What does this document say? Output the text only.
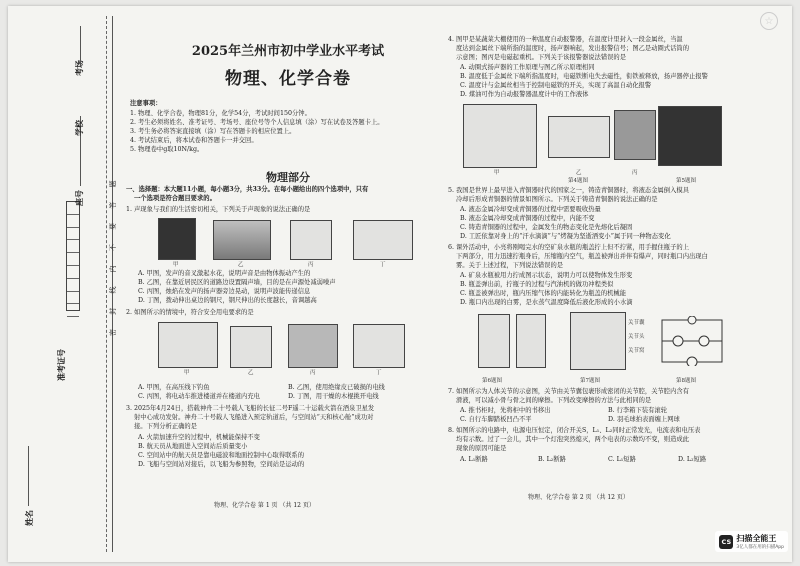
密 封 线 内 不 要 答 题
姓名
准考证号
座号
学校
考场
2025年兰州市初中学业水平考试
物理、化学合卷
注意事项：
1. 物理、化学合卷，物理81分，化学54分，考试时间150分钟。
2. 考生必须将姓名、准考证号、考场号、座位号等个人信息填（涂）写在试卷及答题卡上。
3. 考生务必将答案直接填（涂）写在答题卡的相应位置上。
4. 考试结束后，将本试卷和答题卡一并交回。
5. 物理卷中g取10N/kg。
物理部分
一、选择题：本大题11小题，每小题3分，共33分。在每小题给出的四个选项中，只有
一个选项是符合题目要求的。
1. 声现象与我们的生活密切相关，下列关于声现象的说法正确的是
甲	乙	丙	丁
A. 甲图，发声的音叉激起水花，说明声音是由物体振动产生的
B. 乙图，在靠近居民区的道路边设置隔声墙，目的是在声源处减弱噪声
C. 丙图，烛焰在发声的扬声器旁边晃动，说明声波能传递信息
D. 丁图，拨动伸出桌边的钢尺，钢尺伸出的长度越长，音调越高
2. 如图所示的情境中，符合安全用电要求的是
甲	乙	丙	丁
A. 甲图，在高压线下钓鱼	B. 乙图，使用绝缘皮已破损的电线
C. 丙图，将电动车推进楼道并在楼道内充电	D. 丁图，用干燥的木棍挑开电线
3. 2025年4月24日，搭载神舟二十号载人飞船的长征二号F遥二十运载火箭在酒泉卫星发
射中心成功发射。神舟二十号载人飞船进入预定轨道后，与空间站“天和核心舱”成功对
接。下列分析正确的是
A. 火箭加速升空的过程中，机械能保持不变
B. 航天员从地面进入空间站后质量变小
C. 空间站中的航天员是靠电磁波和地面控制中心取得联系的
D. 飞船与空间站对接后，以飞船为参照物，空间站是运动的
物理、化学合卷 第 1 页 （共 12 页）
4. 图甲是某蔬菜大棚使用的一种温度自动报警器，在温度计里封入一段金属丝，当温
度达到金属丝下端所指的温度时，扬声器响起，发出报警信号；图乙是动圈式话筒的
示意图；图丙是电磁起重机。下列关于该报警器说法错误的是
A. 动圈式扬声器的工作原理与图乙所示原理相同
B. 温度低于金属丝下端所指温度时，电磁铁断电失去磁性，衔铁被释放，扬声器停止报警
C. 温度计与金属丝相当于控制电磁铁的开关，实现了高温自动化报警
D. 煤油可作为自动报警器温度计中的工作液体
甲	乙	丙
第4题图	第5题图
5. 我国是世界上最早进入青铜器时代的国家之一，铸造青铜器时，将液态金属倒入模具
冷却后形成青铜器的情景如图所示。下列关于铸造青铜器的说法正确的是
A. 液态金属冷却变成青铜器的过程中需要吸收热量
B. 液态金属冷却变成青铜器的过程中，内能不变
C. 铸造青铜器的过程中，金属发生的物态变化是先熔化后凝固
D. 工匠依靠对身上的“汗水滴滴”与“烤凝为坚逝洒变小”属于同一种物态变化
6. 课外活动中，小亮将刚喝完水的空矿泉水瓶的瓶盖拧上但不拧紧，用手握住瓶子的上
下两部分，用力迅速拧瓶身后，压缩瓶内空气，瓶盖被弹出并伴有爆声，同时瓶口内出现白
雾。关于上述过程，下列说法错误的是
A. 矿泉水瓶被用力拧成图示状态，说明力可以使物体发生形变
B. 瓶盖弹出前，拧瓶子的过程与汽油机的做功冲程类似
C. 瓶盖被弹出时，瓶内压缩气体的内能转化为瓶盖的机械能
D. 瓶口内出现的白雾，是水蒸气温度降低后液化形成的小水滴
关节囊
关节头
关节窝
第6题图	第7题图	第8题图
7. 如图所示为人体关节的示意图，关节由关节囊包裹形成密闭的关节腔，关节腔内含有
滑液，可以减小骨与骨之间的摩擦。下列改变摩擦的方法与此相同的是
A. 推书柜时，先将柜中的书移出	B. 行李箱下装有滚轮
C. 自行车脚踏板凹凸不平	D. 羽毛球拍表面缠上网球
8. 如图所示的电路中，电源电压恒定，闭合开关S，L₁、L₂同时正常发光，电流表和电压表
均有示数。过了一会儿，其中一个灯泡突然熄灭，两个电表的示数均不变，则造成此
现象的原因可能是
A. L₁断路	B. L₂断路	C. L₁短路	D. L₂短路
物理、化学合卷 第 2 页 （共 12 页）
☆
CS 扫描全能王
3亿人都在用的扫描App
